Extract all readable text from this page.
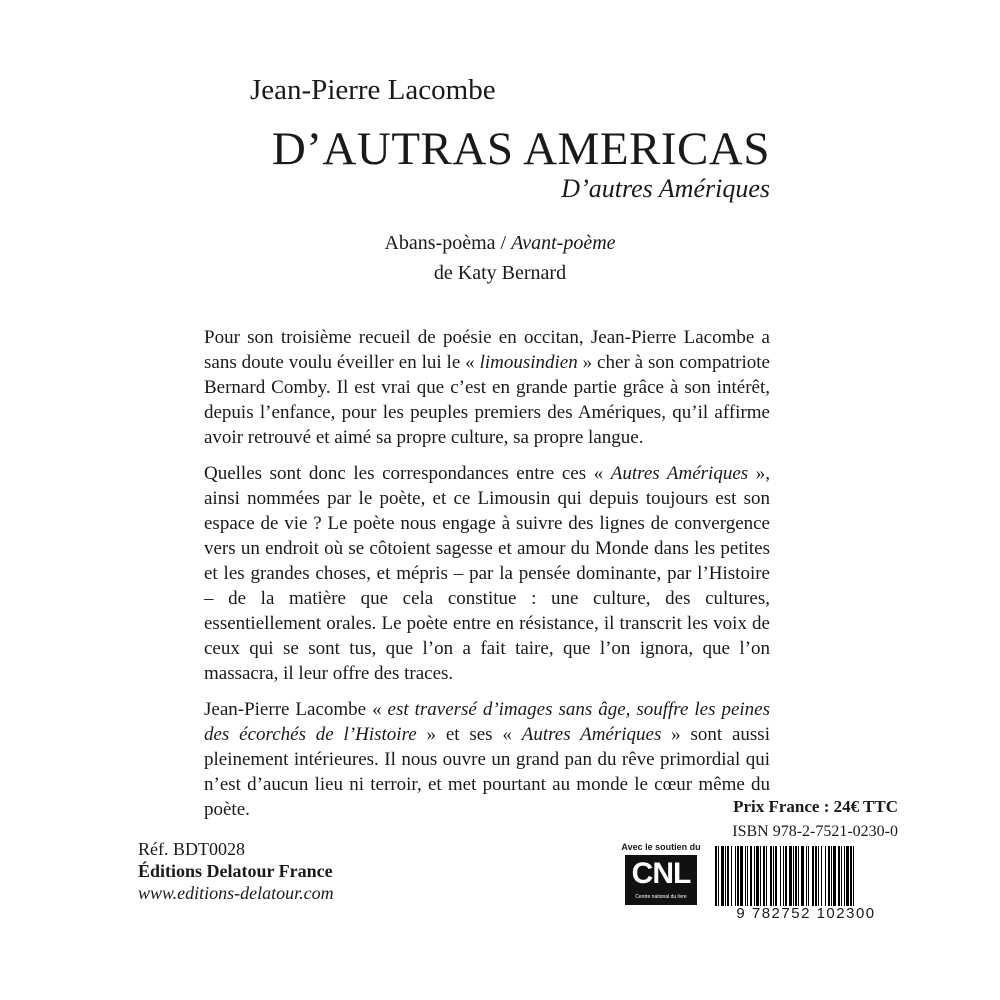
Jean-Pierre Lacombe
D’AUTRAS AMERICAS
D’autres Amériques
Abans-poèma / Avant-poème
de Katy Bernard

Pour son troisième recueil de poésie en occitan, Jean-Pierre Lacombe a sans doute voulu éveiller en lui le « limousindien » cher à son compatriote Bernard Comby. Il est vrai que c’est en grande partie grâce à son intérêt, depuis l’enfance, pour les peuples premiers des Amériques, qu’il affirme avoir retrouvé et aimé sa propre culture, sa propre langue.

Quelles sont donc les correspondances entre ces « Autres Amériques », ainsi nommées par le poète, et ce Limousin qui depuis toujours est son espace de vie ? Le poète nous engage à suivre des lignes de convergence vers un endroit où se côtoient sagesse et amour du Monde dans les petites et les grandes choses, et mépris – par la pensée dominante, par l’Histoire – de la matière que cela constitue : une culture, des cultures, essentiellement orales. Le poète entre en résistance, il transcrit les voix de ceux qui se sont tus, que l’on a fait taire, que l’on ignora, que l’on massacra, il leur offre des traces.

Jean-Pierre Lacombe « est traversé d’images sans âge, souffre les peines des écorchés de l’Histoire » et ses « Autres Amériques » sont aussi pleinement intérieures. Il nous ouvre un grand pan du rêve primordial qui n’est d’aucun lieu ni terroir, et met pourtant au monde le cœur même du poète.

Réf. BDT0028
Éditions Delatour France
www.editions-delatour.com
Prix France : 24€ TTC
ISBN 978-2-7521-0230-0
Avec le soutien du
CNL
Centre national du livre
9 782752 102300
